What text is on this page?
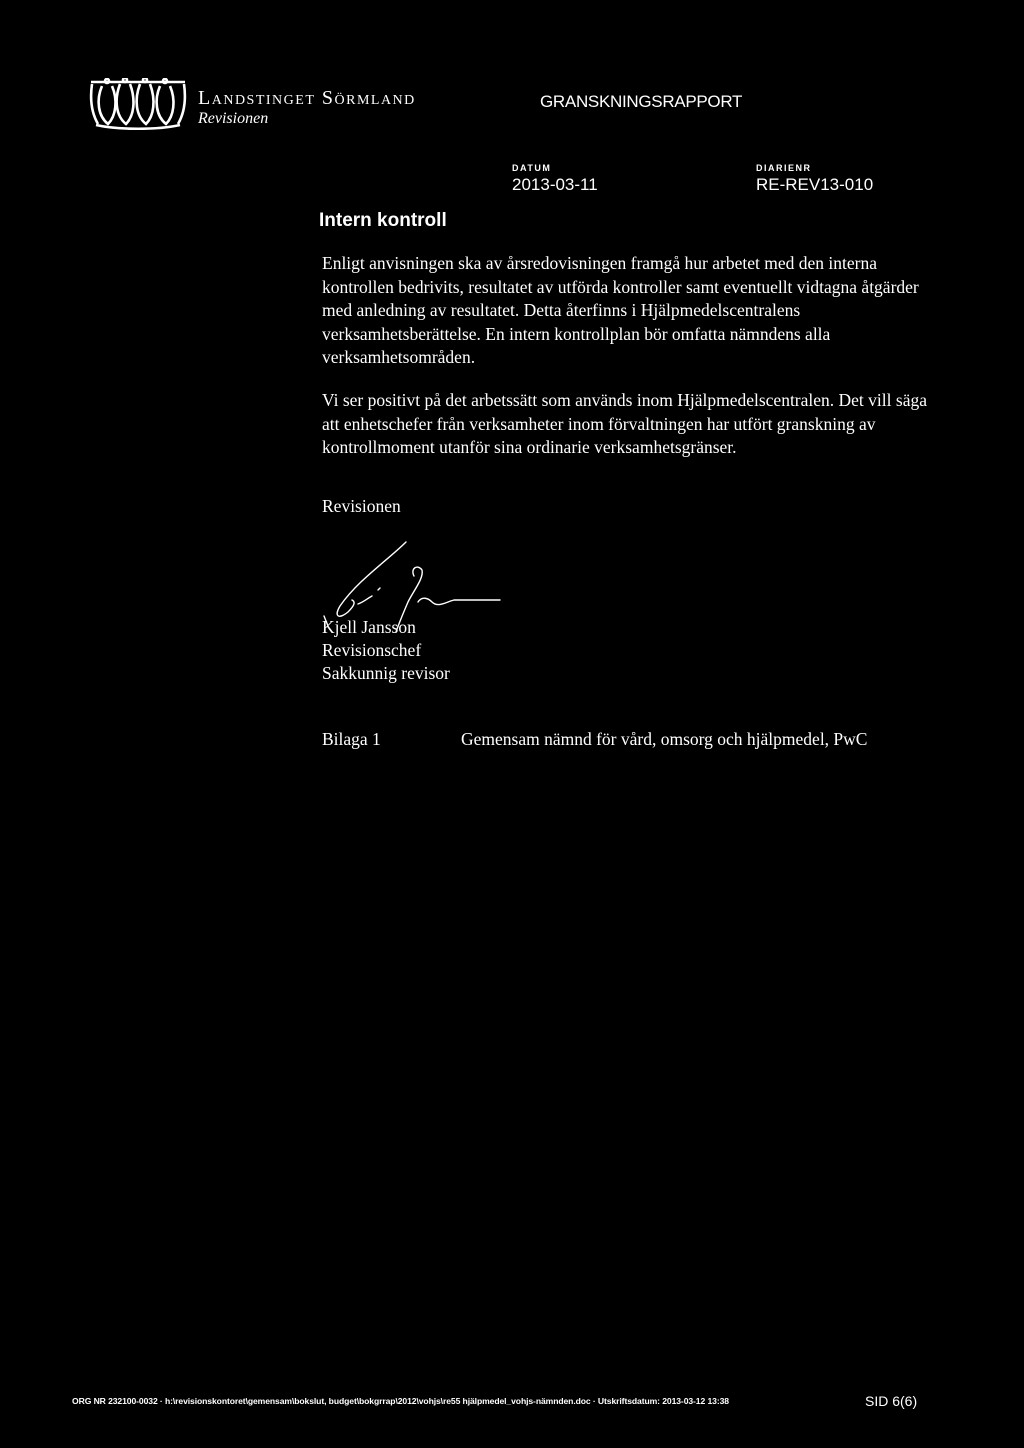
Landstinget Sörmland
Revisionen
GRANSKNINGSRAPPORT
DATUM
2013-03-11
DIARIENR
RE-REV13-010
Intern kontroll

Enligt anvisningen ska av årsredovisningen framgå hur arbetet med den interna kontrollen bedrivits, resultatet av utförda kontroller samt eventuellt vidtagna åtgärder med anledning av resultatet. Detta återfinns i Hjälpmedelscentralens verksamhetsberättelse. En intern kontrollplan bör omfatta nämndens alla verksamhetsområden.

Vi ser positivt på det arbetssätt som används inom Hjälpmedelscentralen. Det vill säga att enhetschefer från verksamheter inom förvaltningen har utfört granskning av kontrollmoment utanför sina ordinarie verksamhetsgränser.

Revisionen
Kjell Jansson
Revisionschef
Sakkunnig revisor
Bilaga 1	Gemensam nämnd för vård, omsorg och hjälpmedel, PwC
ORG NR 232100-0032 · h:\revisionskontoret\gemensam\bokslut, budget\bokgrrap\2012\vohjs\re55 hjälpmedel_vohjs-nämnden.doc · Utskriftsdatum: 2013-03-12 13:38	SID 6(6)
